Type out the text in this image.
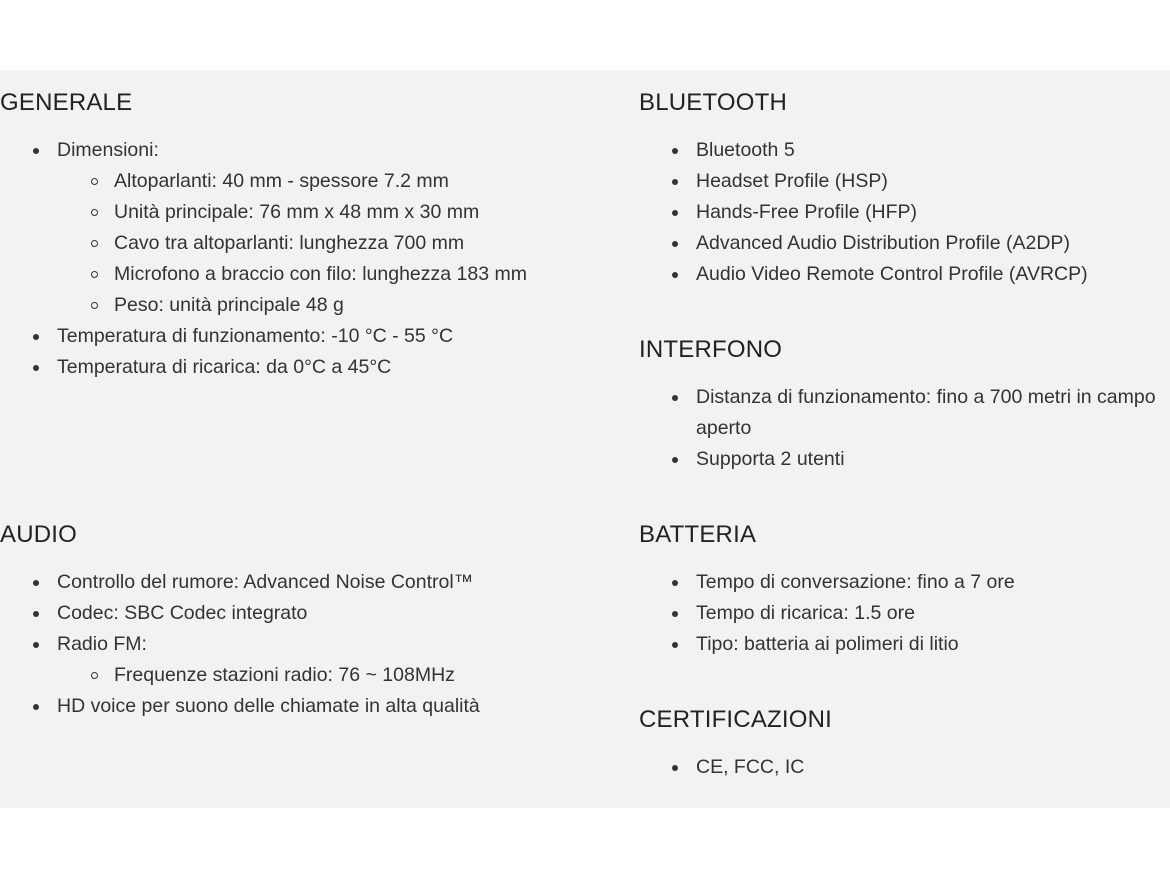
GENERALE
Dimensioni:
Altoparlanti: 40 mm - spessore 7.2 mm
Unità principale: 76 mm x 48 mm x 30 mm
Cavo tra altoparlanti: lunghezza 700 mm
Microfono a braccio con filo: lunghezza 183 mm
Peso: unità principale 48 g
Temperatura di funzionamento: -10 °C - 55 °C
Temperatura di ricarica: da 0°C a 45°C
AUDIO
Controllo del rumore: Advanced Noise Control™
Codec: SBC Codec integrato
Radio FM:
Frequenze stazioni radio: 76 ~ 108MHz
HD voice per suono delle chiamate in alta qualità
BLUETOOTH
Bluetooth 5
Headset Profile (HSP)
Hands-Free Profile (HFP)
Advanced Audio Distribution Profile (A2DP)
Audio Video Remote Control Profile (AVRCP)
INTERFONO
Distanza di funzionamento: fino a 700 metri in campo aperto
Supporta 2 utenti
BATTERIA
Tempo di conversazione: fino a 7 ore
Tempo di ricarica: 1.5 ore
Tipo: batteria ai polimeri di litio
CERTIFICAZIONI
CE, FCC, IC
